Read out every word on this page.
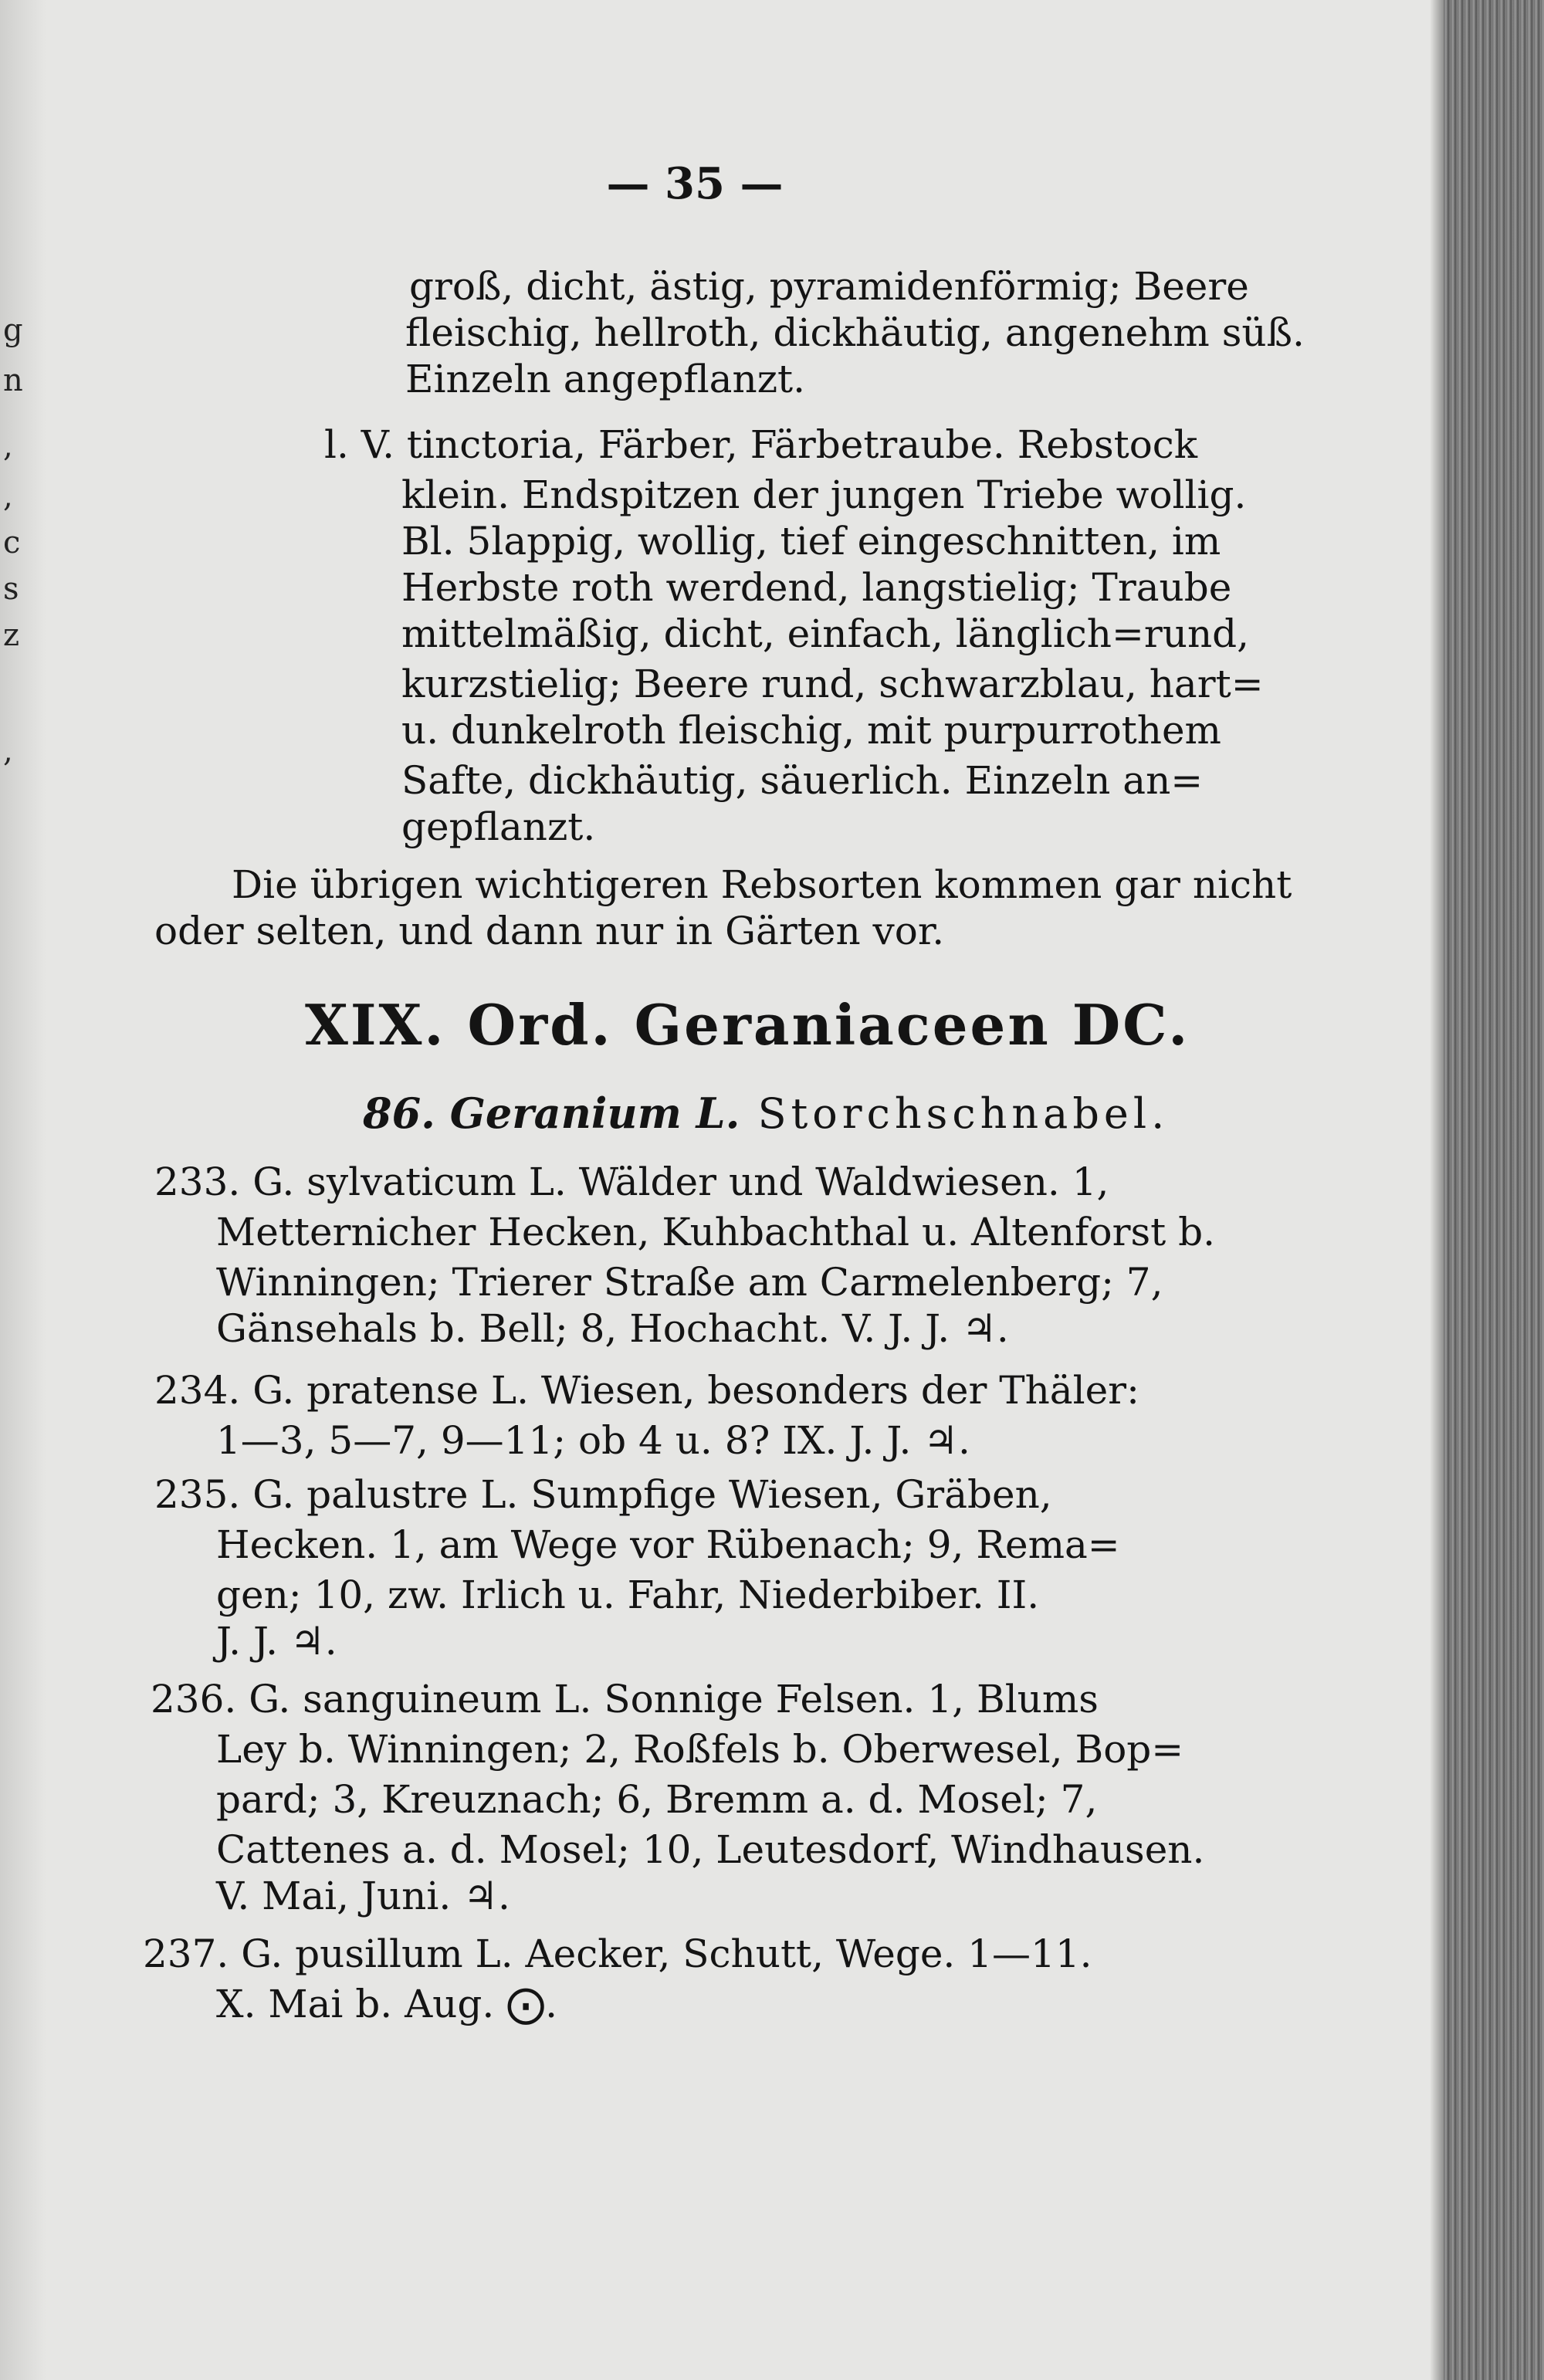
g
n
,
,
c
s
z
,
— 35 —
groß, dicht, ästig, pyramidenförmig; Beere
fleischig, hellroth, dickhäutig, angenehm süß.
Einzeln angepflanzt.
l. V. tinctoria, Färber, Färbetraube. Rebstock
klein. Endspitzen der jungen Triebe wollig.
Bl. 5lappig, wollig, tief eingeschnitten, im
Herbste roth werdend, langstielig; Traube
mittelmäßig, dicht, einfach, länglich=rund,
kurzstielig; Beere rund, schwarzblau, hart=
u. dunkelroth fleischig, mit purpurrothem
Safte, dickhäutig, säuerlich. Einzeln an=
gepflanzt.
Die übrigen wichtigeren Rebsorten kommen gar nicht
oder selten, und dann nur in Gärten vor.
XIX. Ord. Geraniaceen DC.
86. Geranium L. Storchschnabel.
233. G. sylvaticum L. Wälder und Waldwiesen. 1,
Metternicher Hecken, Kuhbachthal u. Altenforst b.
Winningen; Trierer Straße am Carmelenberg; 7,
Gänsehals b. Bell; 8, Hochacht. V. J. J. ♃.
234. G. pratense L. Wiesen, besonders der Thäler:
1—3, 5—7, 9—11; ob 4 u. 8? IX. J. J. ♃.
235. G. palustre L. Sumpfige Wiesen, Gräben,
Hecken. 1, am Wege vor Rübenach; 9, Rema=
gen; 10, zw. Irlich u. Fahr, Niederbiber. II.
J. J. ♃.
236. G. sanguineum L. Sonnige Felsen. 1, Blums
Ley b. Winningen; 2, Roßfels b. Oberwesel, Bop=
pard; 3, Kreuznach; 6, Bremm a. d. Mosel; 7,
Cattenes a. d. Mosel; 10, Leutesdorf, Windhausen.
V. Mai, Juni. ♃.
237. G. pusillum L. Aecker, Schutt, Wege. 1—11.
X. Mai b. Aug. ⨀.
